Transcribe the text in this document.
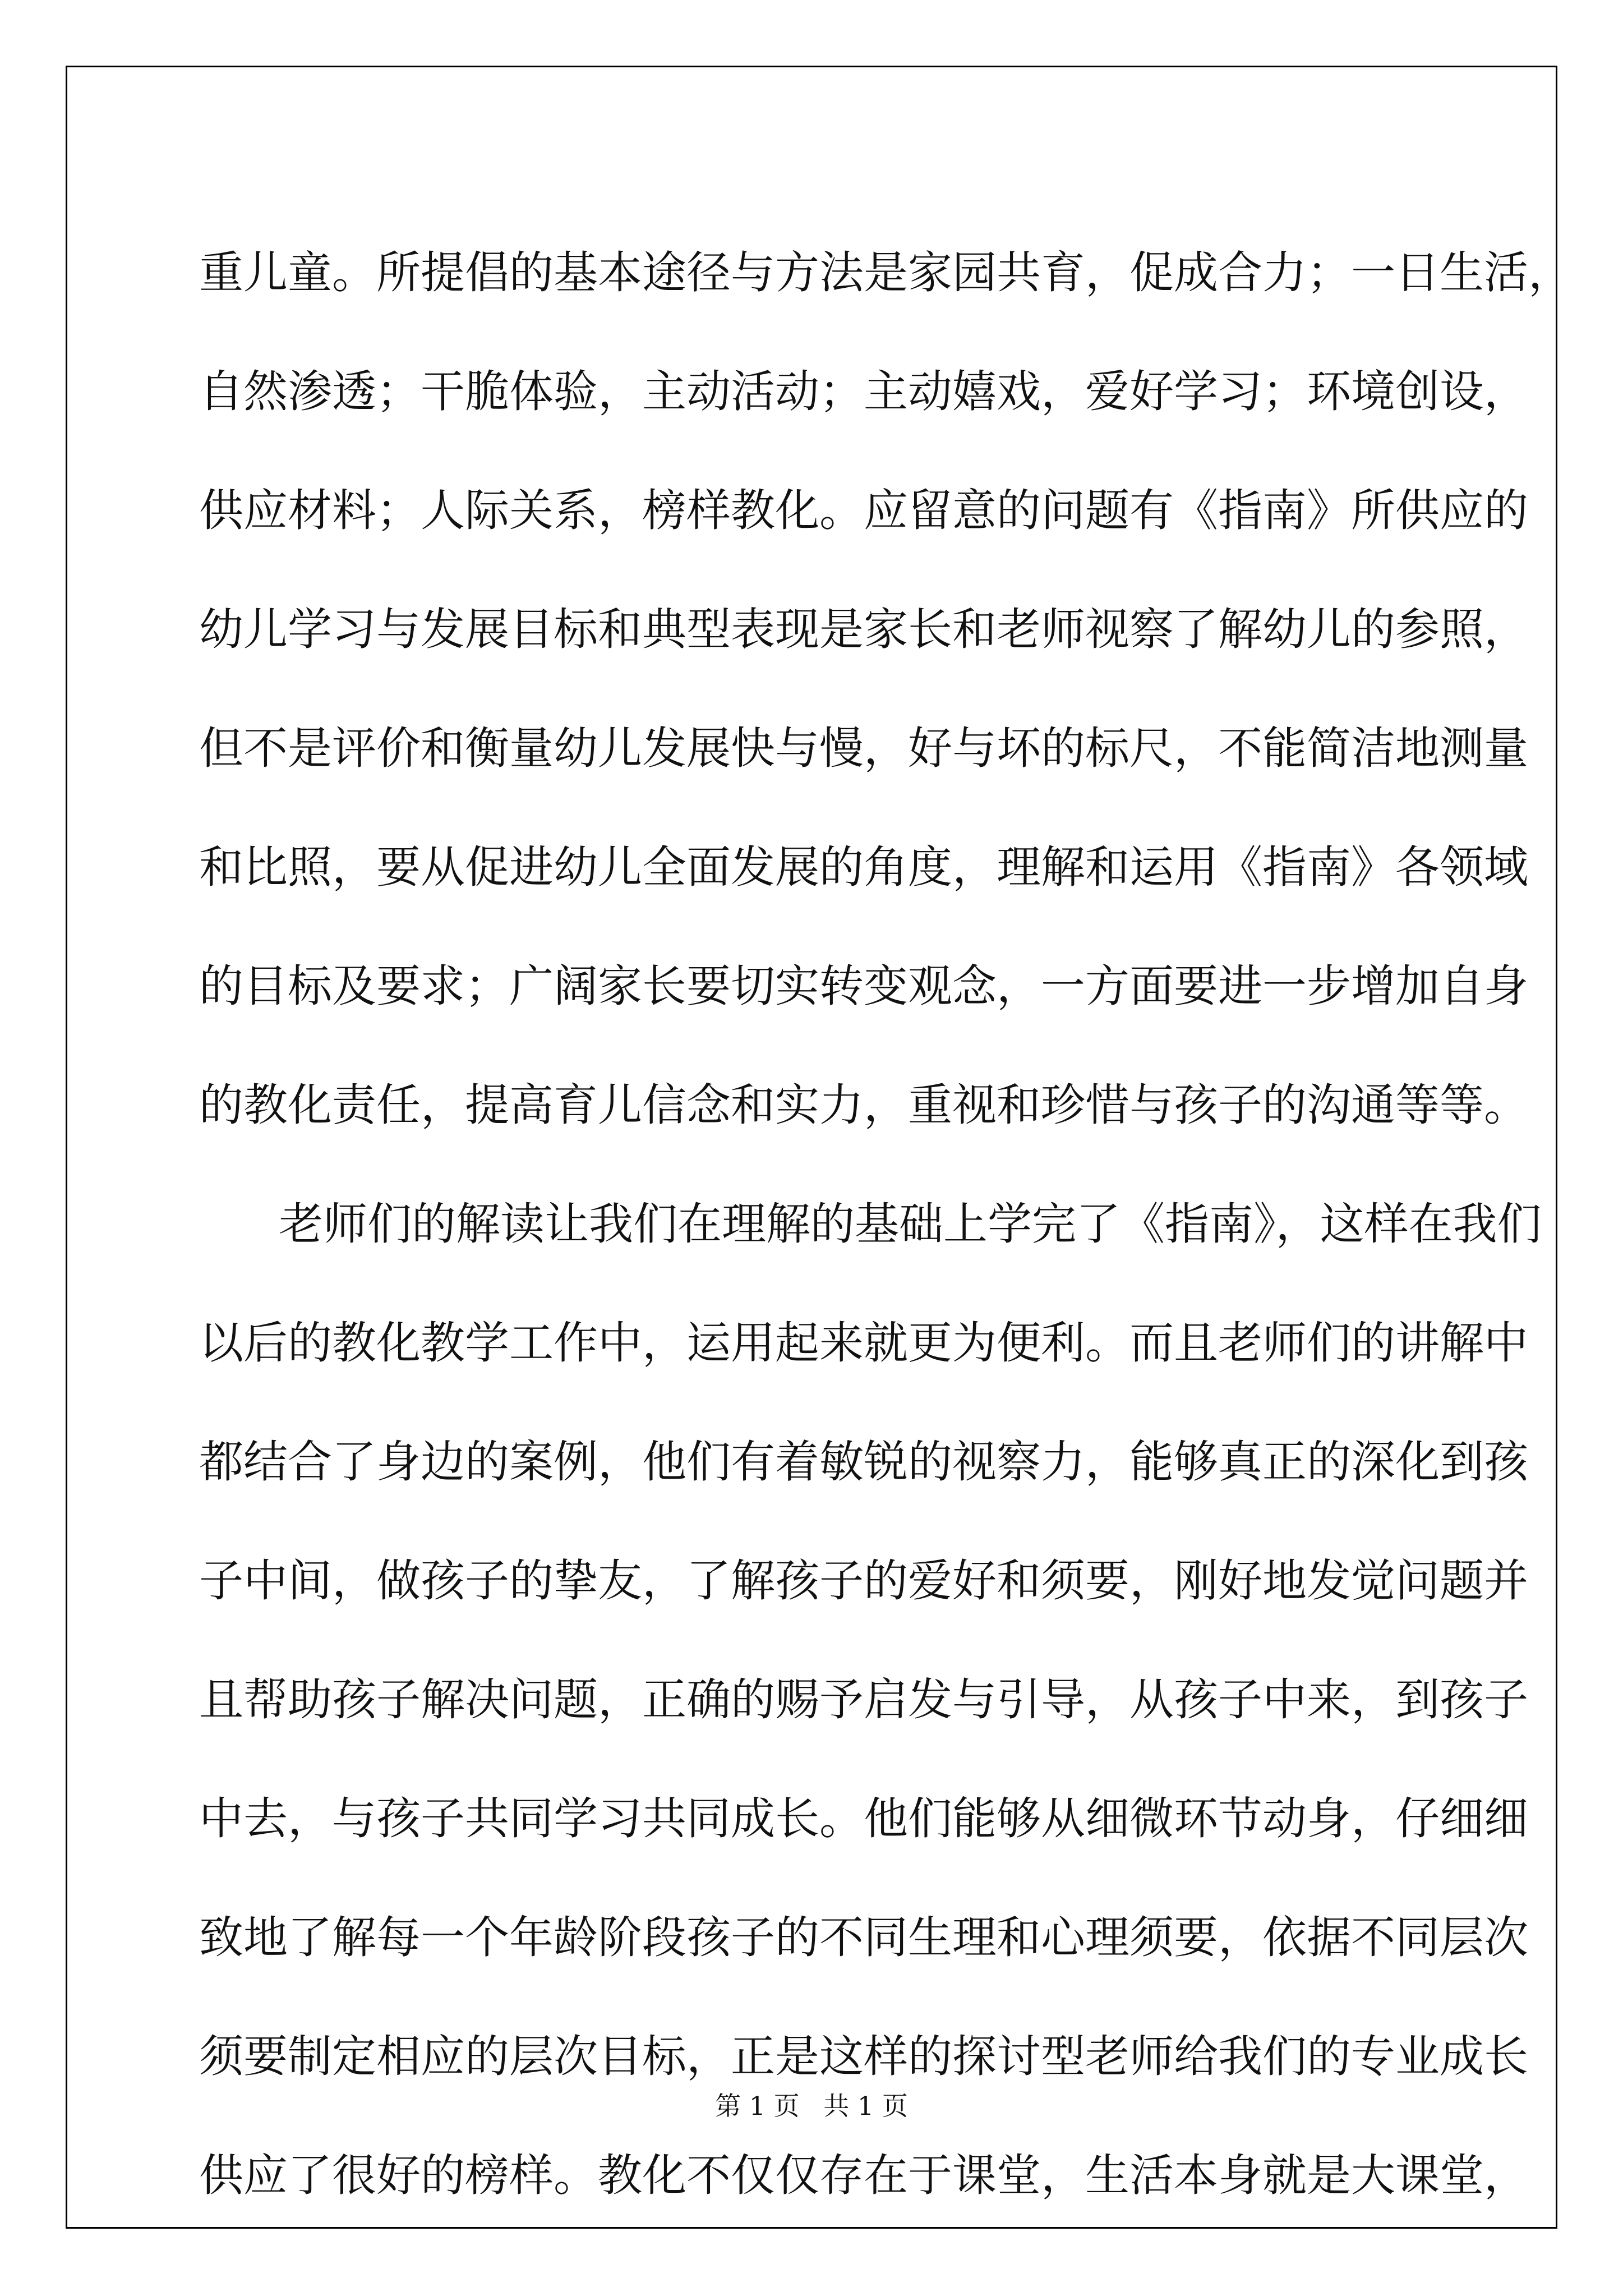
重儿童。所提倡的基本途径与方法是家园共育，促成合力；一日生活，
自然渗透；干脆体验，主动活动；主动嬉戏，爱好学习；环境创设，
供应材料；人际关系，榜样教化。应留意的问题有《指南》所供应的
幼儿学习与发展目标和典型表现是家长和老师视察了解幼儿的参照，
但不是评价和衡量幼儿发展快与慢，好与坏的标尺，不能简洁地测量
和比照，要从促进幼儿全面发展的角度，理解和运用《指南》各领域
的目标及要求；广阔家长要切实转变观念，一方面要进一步增加自身
的教化责任，提高育儿信念和实力，重视和珍惜与孩子的沟通等等。
老师们的解读让我们在理解的基础上学完了《指南》，这样在我们
以后的教化教学工作中，运用起来就更为便利。而且老师们的讲解中
都结合了身边的案例，他们有着敏锐的视察力，能够真正的深化到孩
子中间，做孩子的挚友，了解孩子的爱好和须要，刚好地发觉问题并
且帮助孩子解决问题，正确的赐予启发与引导，从孩子中来，到孩子
中去，与孩子共同学习共同成长。他们能够从细微环节动身，仔细细
致地了解每一个年龄阶段孩子的不同生理和心理须要，依据不同层次
须要制定相应的层次目标，正是这样的探讨型老师给我们的专业成长
供应了很好的榜样。教化不仅仅存在于课堂，生活本身就是大课堂，
第 1 页 共 1 页
